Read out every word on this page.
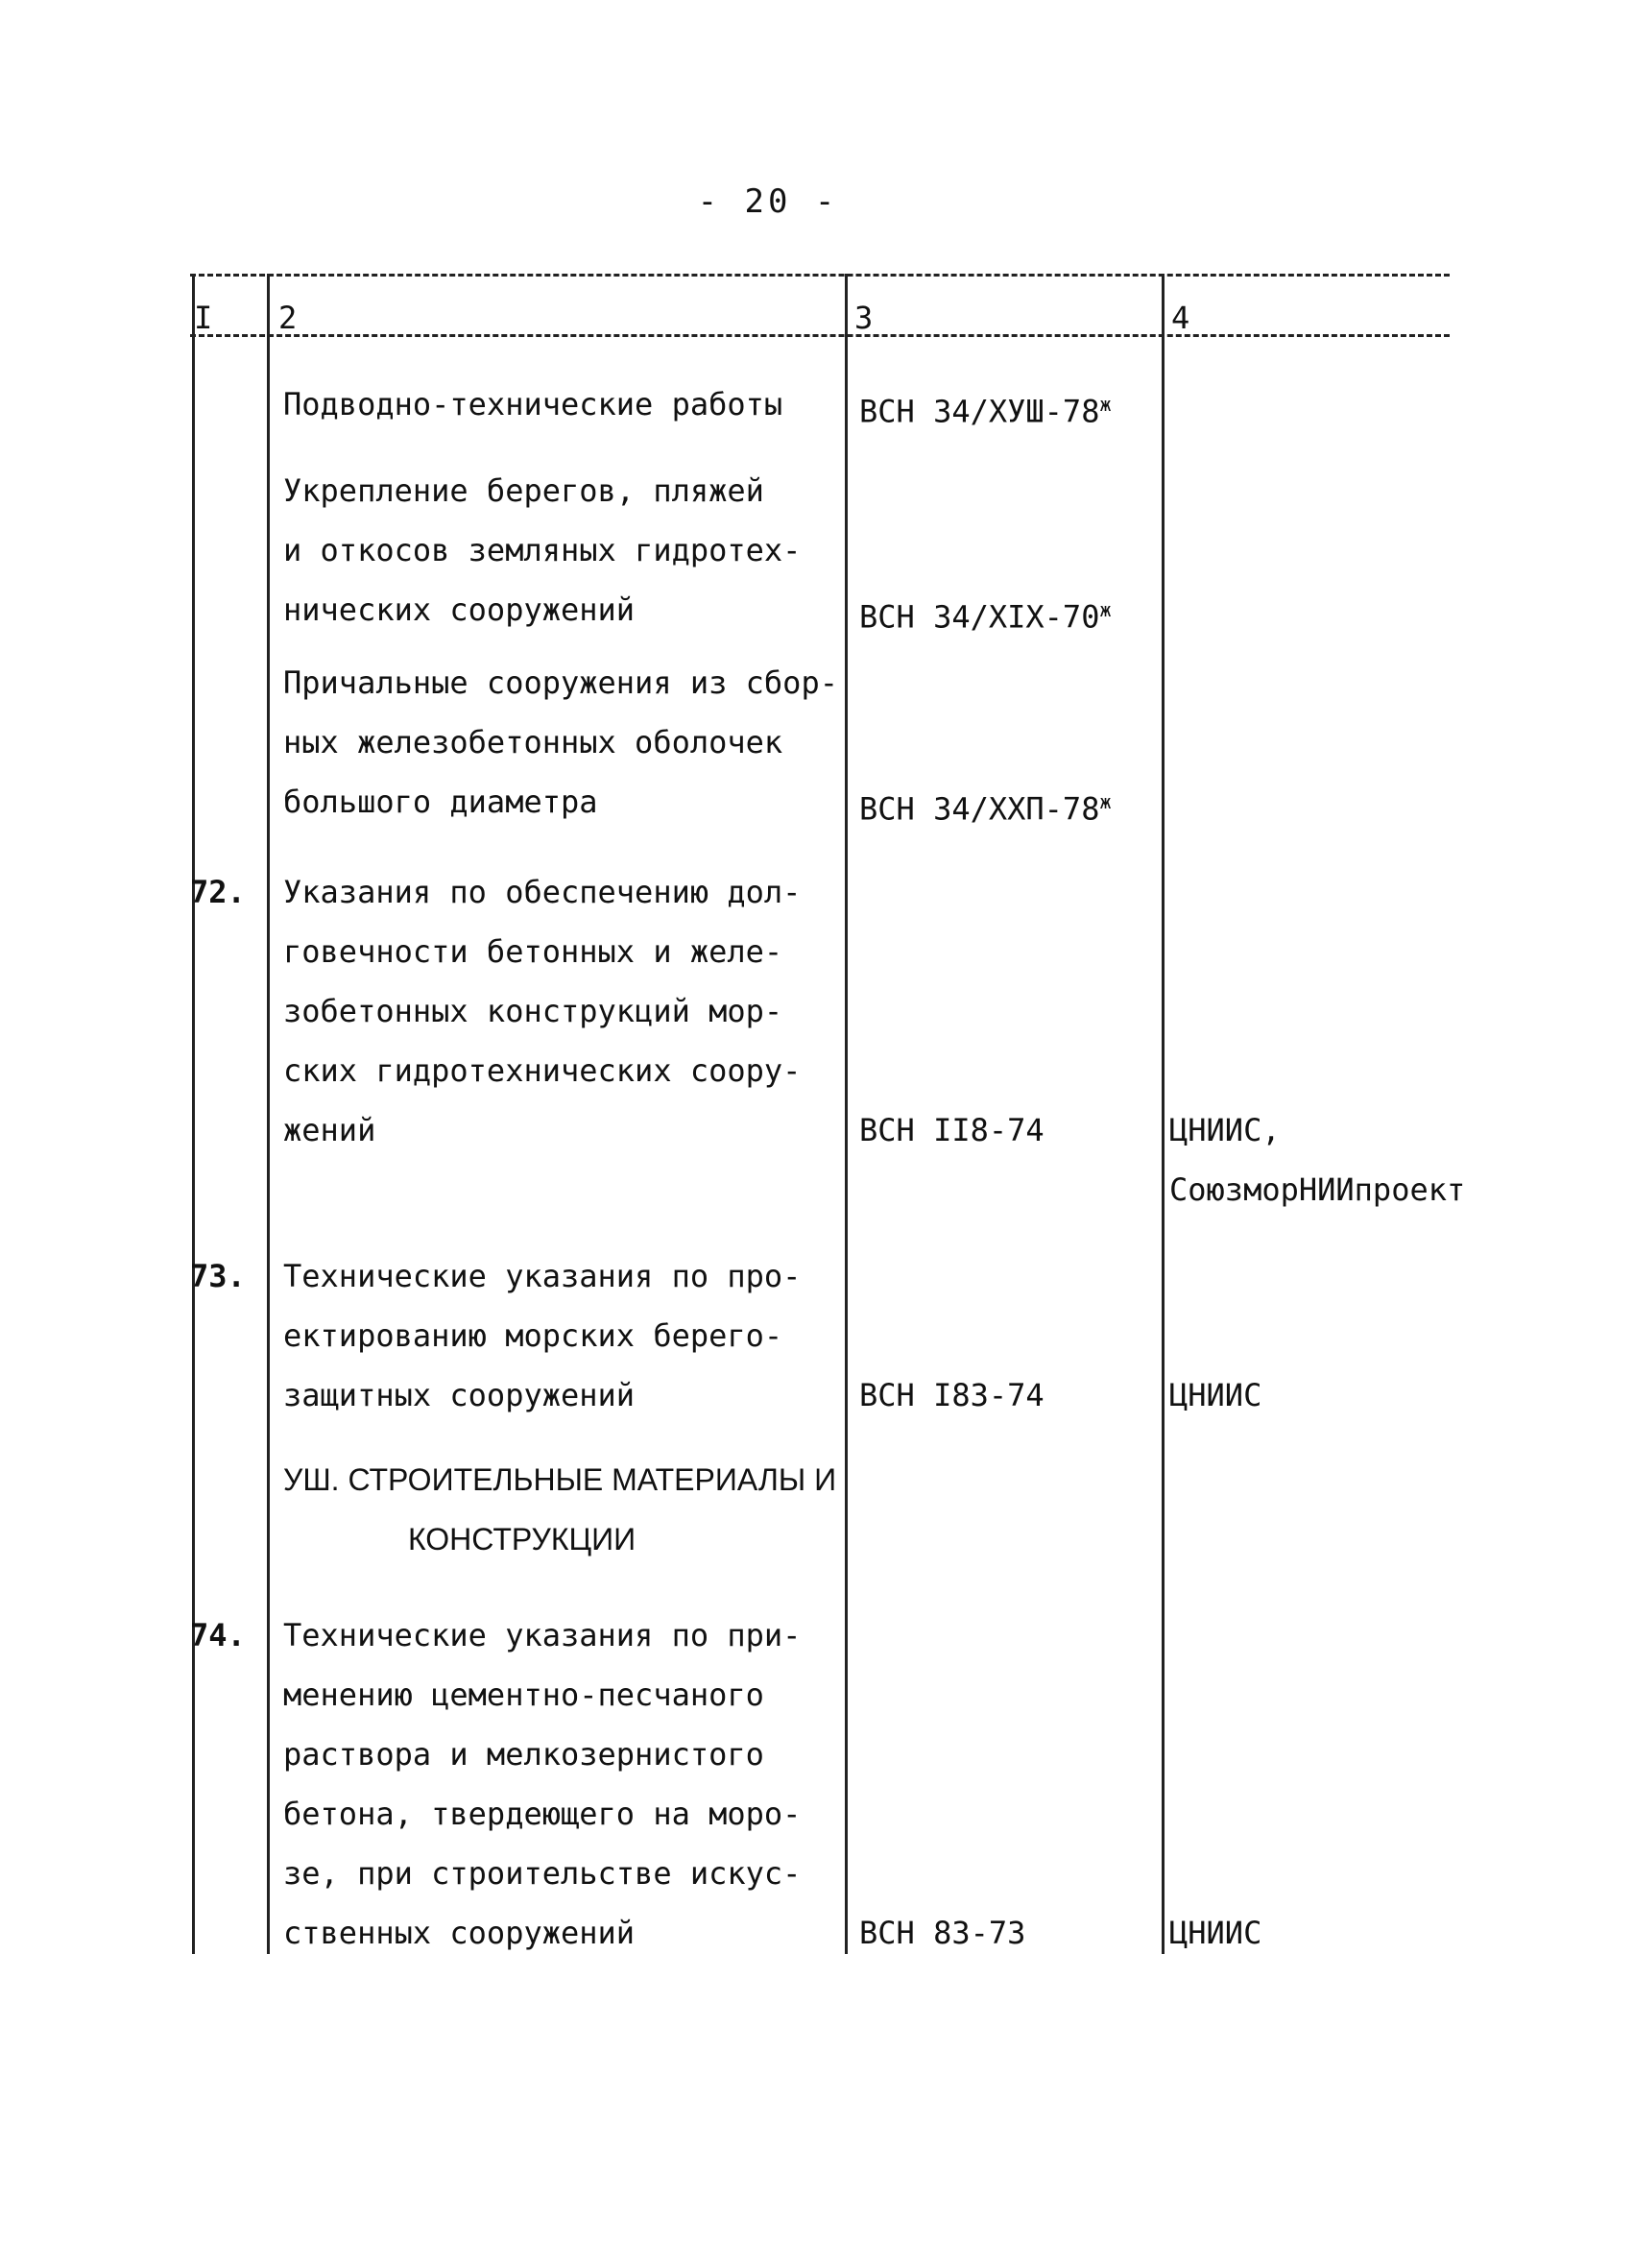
- 20 -
I 2	3	4
Подводно-технические работы ВСН $34/ХУШ-78^ж$
Укрепление берегов, пляжей
и откосов земляных гидротех-
нических сооружений	ВСН $34/XIX-70^ж$
Причальные сооружения из сбор-
ных железобетонных оболочек
большого диаметра	ВСН $34/XXП-78^ж$
72. Указания по обеспечению дол-
говечности бетонных и желе-
зобетонных конструкций мор-
ских гидротехнических соору-
жений	ВСН II8-74	ЦНИИС,
СоюзморНИИпроект
73. Технические указания по про-
ектированию морских берего-
защитных сооружений	ВСН I83-74	ЦНИИС
УШ. СТРОИТЕЛЬНЫЕ МАТЕРИАЛЫ И
КОНСТРУКЦИИ
74. Технические указания по при-
менению цементно-песчаного
раствора и мелкозернистого
бетона, твердеющего на моро-
зе, при строительстве искус-
ственных сооружений	ВСН 83-73	ЦНИИС
